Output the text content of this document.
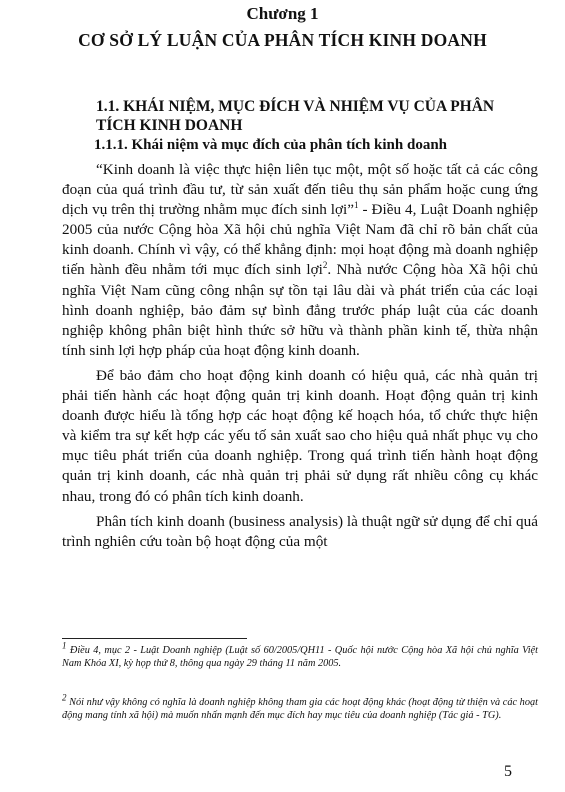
Chương 1
CƠ SỞ LÝ LUẬN CỦA PHÂN TÍCH KINH DOANH
1.1. KHÁI NIỆM, MỤC ĐÍCH VÀ NHIỆM VỤ CỦA PHÂN TÍCH KINH DOANH
1.1.1. Khái niệm và mục đích của phân tích kinh doanh

“Kinh doanh là việc thực hiện liên tục một, một số hoặc tất cả các công đoạn của quá trình đầu tư, từ sản xuất đến tiêu thụ sản phẩm hoặc cung ứng dịch vụ trên thị trường nhằm mục đích sinh lợi”$^1$ - Điều 4, Luật Doanh nghiệp 2005 của nước Cộng hòa Xã hội chủ nghĩa Việt Nam đã chỉ rõ bản chất của kinh doanh. Chính vì vậy, có thể khẳng định: mọi hoạt động mà doanh nghiệp tiến hành đều nhằm tới mục đích sinh lợi$^2$. Nhà nước Cộng hòa Xã hội chủ nghĩa Việt Nam cũng công nhận sự tồn tại lâu dài và phát triển của các loại hình doanh nghiệp, bảo đảm sự bình đẳng trước pháp luật của các doanh nghiệp không phân biệt hình thức sở hữu và thành phần kinh tế, thừa nhận tính sinh lợi hợp pháp của hoạt động kinh doanh.

Để bảo đảm cho hoạt động kinh doanh có hiệu quả, các nhà quản trị phải tiến hành các hoạt động quản trị kinh doanh. Hoạt động quản trị kinh doanh được hiểu là tổng hợp các hoạt động kế hoạch hóa, tổ chức thực hiện và kiểm tra sự kết hợp các yếu tố sản xuất sao cho hiệu quả nhất phục vụ cho mục tiêu phát triển của doanh nghiệp. Trong quá trình tiến hành hoạt động quản trị kinh doanh, các nhà quản trị phải sử dụng rất nhiều công cụ khác nhau, trong đó có phân tích kinh doanh.

Phân tích kinh doanh (business analysis) là thuật ngữ sử dụng để chỉ quá trình nghiên cứu toàn bộ hoạt động của một

$^1$ Điều 4, mục 2 - Luật Doanh nghiệp (Luật số 60/2005/QH11 - Quốc hội nước Cộng hòa Xã hội chủ nghĩa Việt Nam Khóa XI, kỳ họp thứ 8, thông qua ngày 29 tháng 11 năm 2005.
$^2$ Nói như vậy không có nghĩa là doanh nghiệp không tham gia các hoạt động khác (hoạt động từ thiện và các hoạt động mang tính xã hội) mà muốn nhấn mạnh đến mục đích hay mục tiêu của doanh nghiệp (Tác giả - TG).
5
